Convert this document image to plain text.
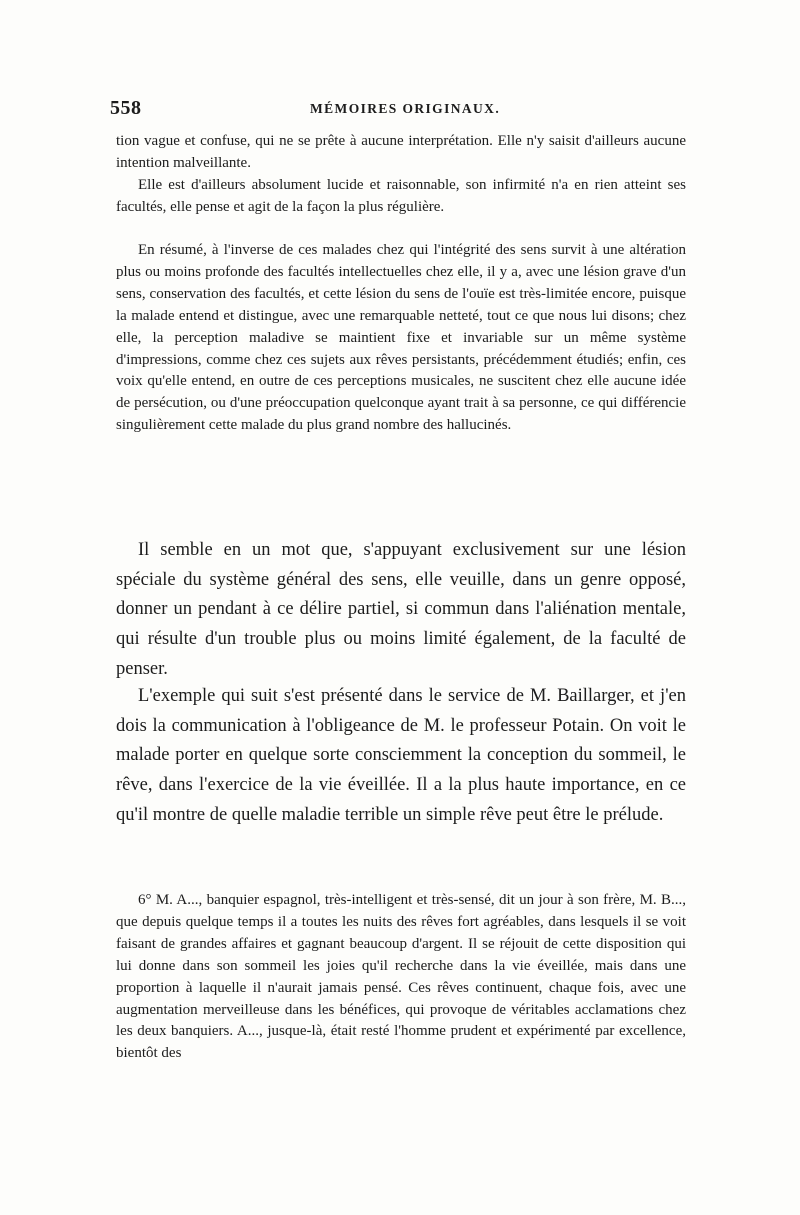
558	MÉMOIRES ORIGINAUX.

tion vague et confuse, qui ne se prête à aucune interprétation. Elle n'y saisit d'ailleurs aucune intention malveillante.

Elle est d'ailleurs absolument lucide et raisonnable, son infirmité n'a en rien atteint ses facultés, elle pense et agit de la façon la plus régulière.

En résumé, à l'inverse de ces malades chez qui l'intégrité des sens survit à une altération plus ou moins profonde des facultés intellectuelles chez elle, il y a, avec une lésion grave d'un sens, conservation des facultés, et cette lésion du sens de l'ouïe est très-limitée encore, puisque la malade entend et distingue, avec une remarquable netteté, tout ce que nous lui disons; chez elle, la perception maladive se maintient fixe et invariable sur un même système d'impressions, comme chez ces sujets aux rêves persistants, précédemment étudiés; enfin, ces voix qu'elle entend, en outre de ces perceptions musicales, ne suscitent chez elle aucune idée de persécution, ou d'une préoccupation quelconque ayant trait à sa personne, ce qui différencie singulièrement cette malade du plus grand nombre des hallucinés.

Il semble en un mot que, s'appuyant exclusivement sur une lésion spéciale du système général des sens, elle veuille, dans un genre opposé, donner un pendant à ce délire partiel, si commun dans l'aliénation mentale, qui résulte d'un trouble plus ou moins limité également, de la faculté de penser.

L'exemple qui suit s'est présenté dans le service de M. Baillarger, et j'en dois la communication à l'obligeance de M. le professeur Potain. On voit le malade porter en quelque sorte consciemment la conception du sommeil, le rêve, dans l'exercice de la vie éveillée. Il a la plus haute importance, en ce qu'il montre de quelle maladie terrible un simple rêve peut être le prélude.

6° M. A..., banquier espagnol, très-intelligent et très-sensé, dit un jour à son frère, M. B..., que depuis quelque temps il a toutes les nuits des rêves fort agréables, dans lesquels il se voit faisant de grandes affaires et gagnant beaucoup d'argent. Il se réjouit de cette disposition qui lui donne dans son sommeil les joies qu'il recherche dans la vie éveillée, mais dans une proportion à laquelle il n'aurait jamais pensé. Ces rêves continuent, chaque fois, avec une augmentation merveilleuse dans les bénéfices, qui provoque de véritables acclamations chez les deux banquiers. A..., jusque-là, était resté l'homme prudent et expérimenté par excellence, bientôt des
